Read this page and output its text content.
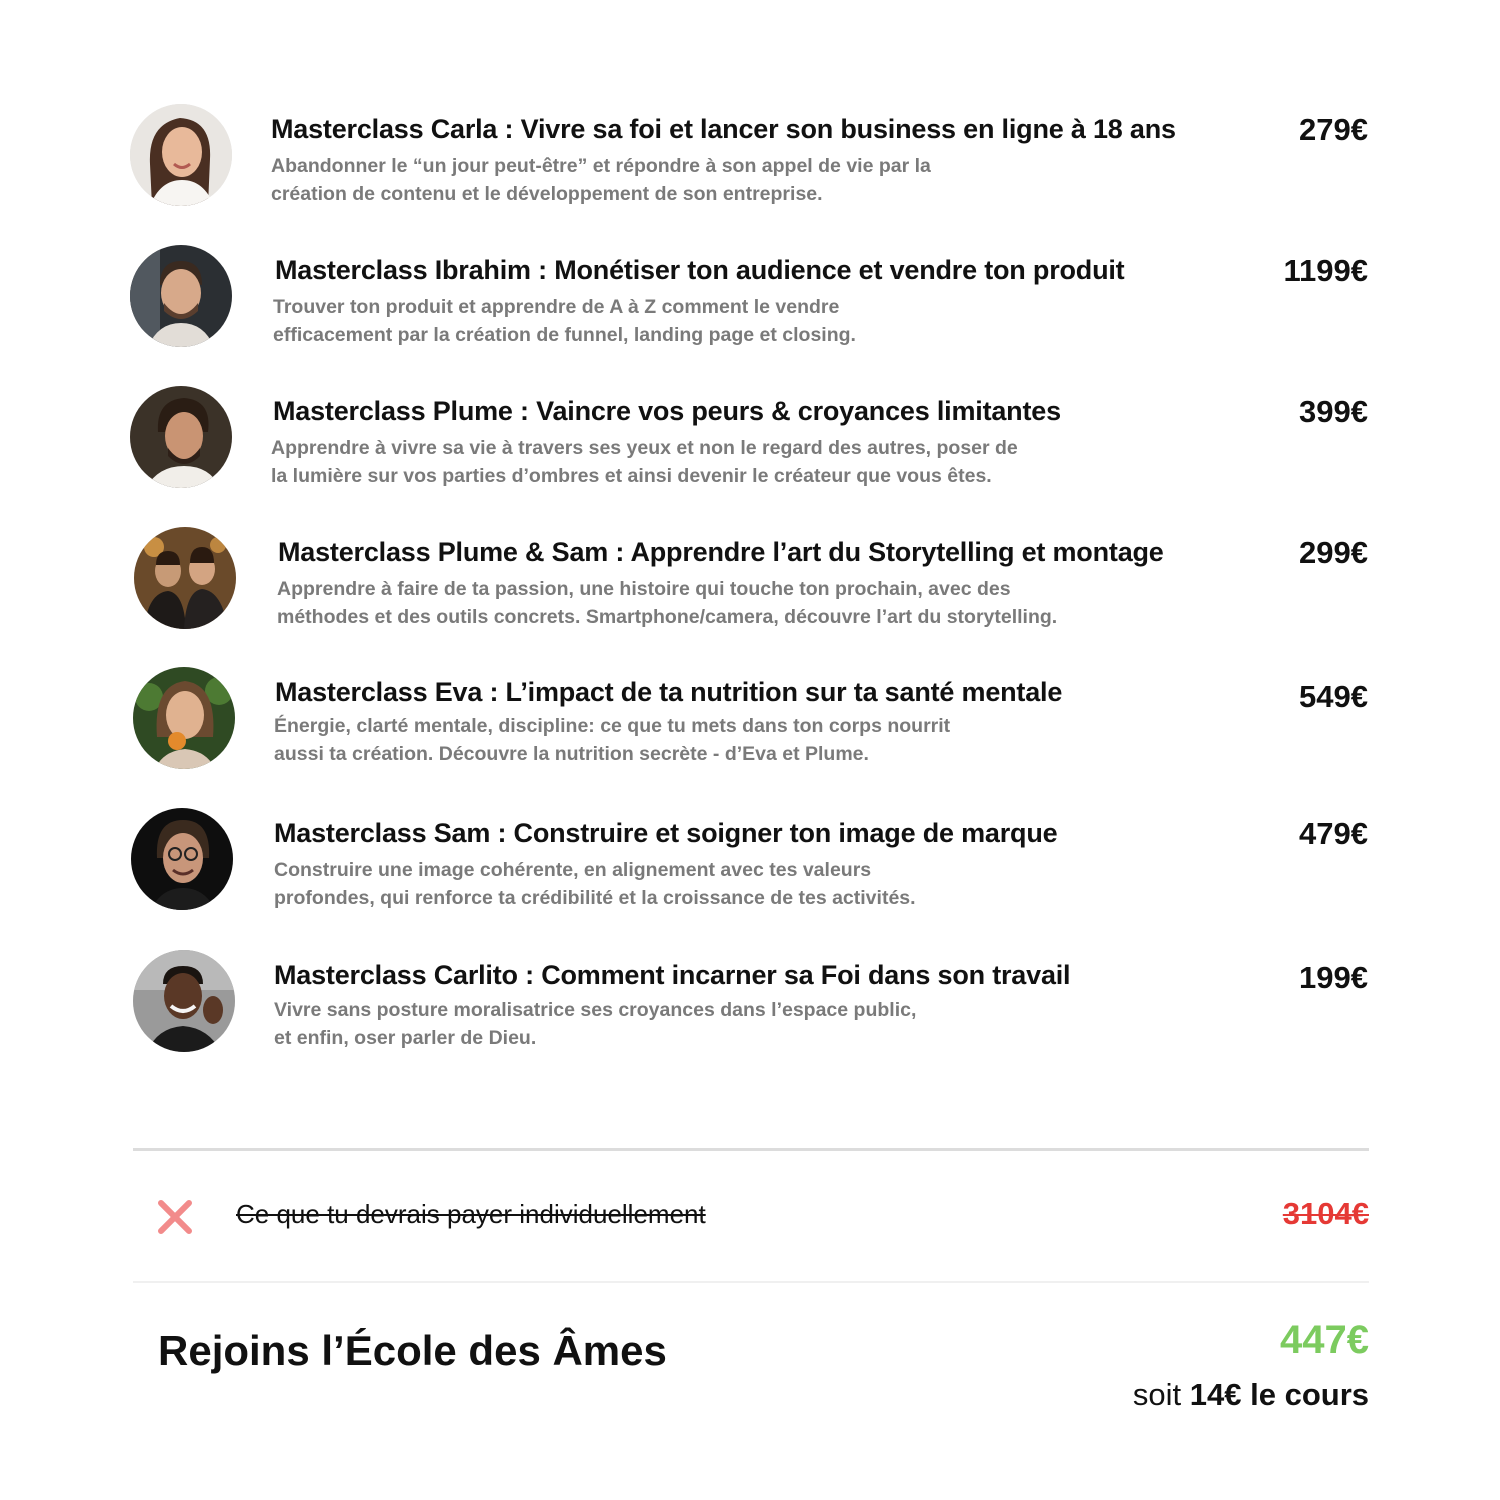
Masterclass Carla : Vivre sa foi et lancer son business en ligne à 18 ans
Abandonner le “un jour peut-être” et répondre à son appel de vie par la
création de contenu et le développement de son entreprise.
279€
Masterclass Ibrahim : Monétiser ton audience et vendre ton produit
Trouver ton produit et apprendre de A à Z comment le vendre
efficacement par la création de funnel, landing page et closing.
1199€
Masterclass Plume : Vaincre vos peurs & croyances limitantes
Apprendre à vivre sa vie à travers ses yeux et non le regard des autres, poser de
la lumière sur vos parties d’ombres et ainsi devenir le créateur que vous êtes.
399€
Masterclass Plume & Sam : Apprendre l’art du Storytelling et montage
Apprendre à faire de ta passion, une histoire qui touche ton prochain, avec des
méthodes et des outils concrets. Smartphone/camera, découvre l’art du storytelling.
299€
Masterclass Eva : L’impact de ta nutrition sur ta santé mentale
Énergie, clarté mentale, discipline: ce que tu mets dans ton corps nourrit
aussi ta création. Découvre la nutrition secrète - d’Eva et Plume.
549€
Masterclass Sam : Construire et soigner ton image de marque
Construire une image cohérente, en alignement avec tes valeurs
profondes, qui renforce ta crédibilité et la croissance de tes activités.
479€
Masterclass Carlito : Comment incarner sa Foi dans son travail
Vivre sans posture moralisatrice ses croyances dans l’espace public,
et enfin, oser parler de Dieu.
199€
Ce que tu devrais payer individuellement	3104€
Rejoins l’École des Âmes	447€
soit 14€ le cours
